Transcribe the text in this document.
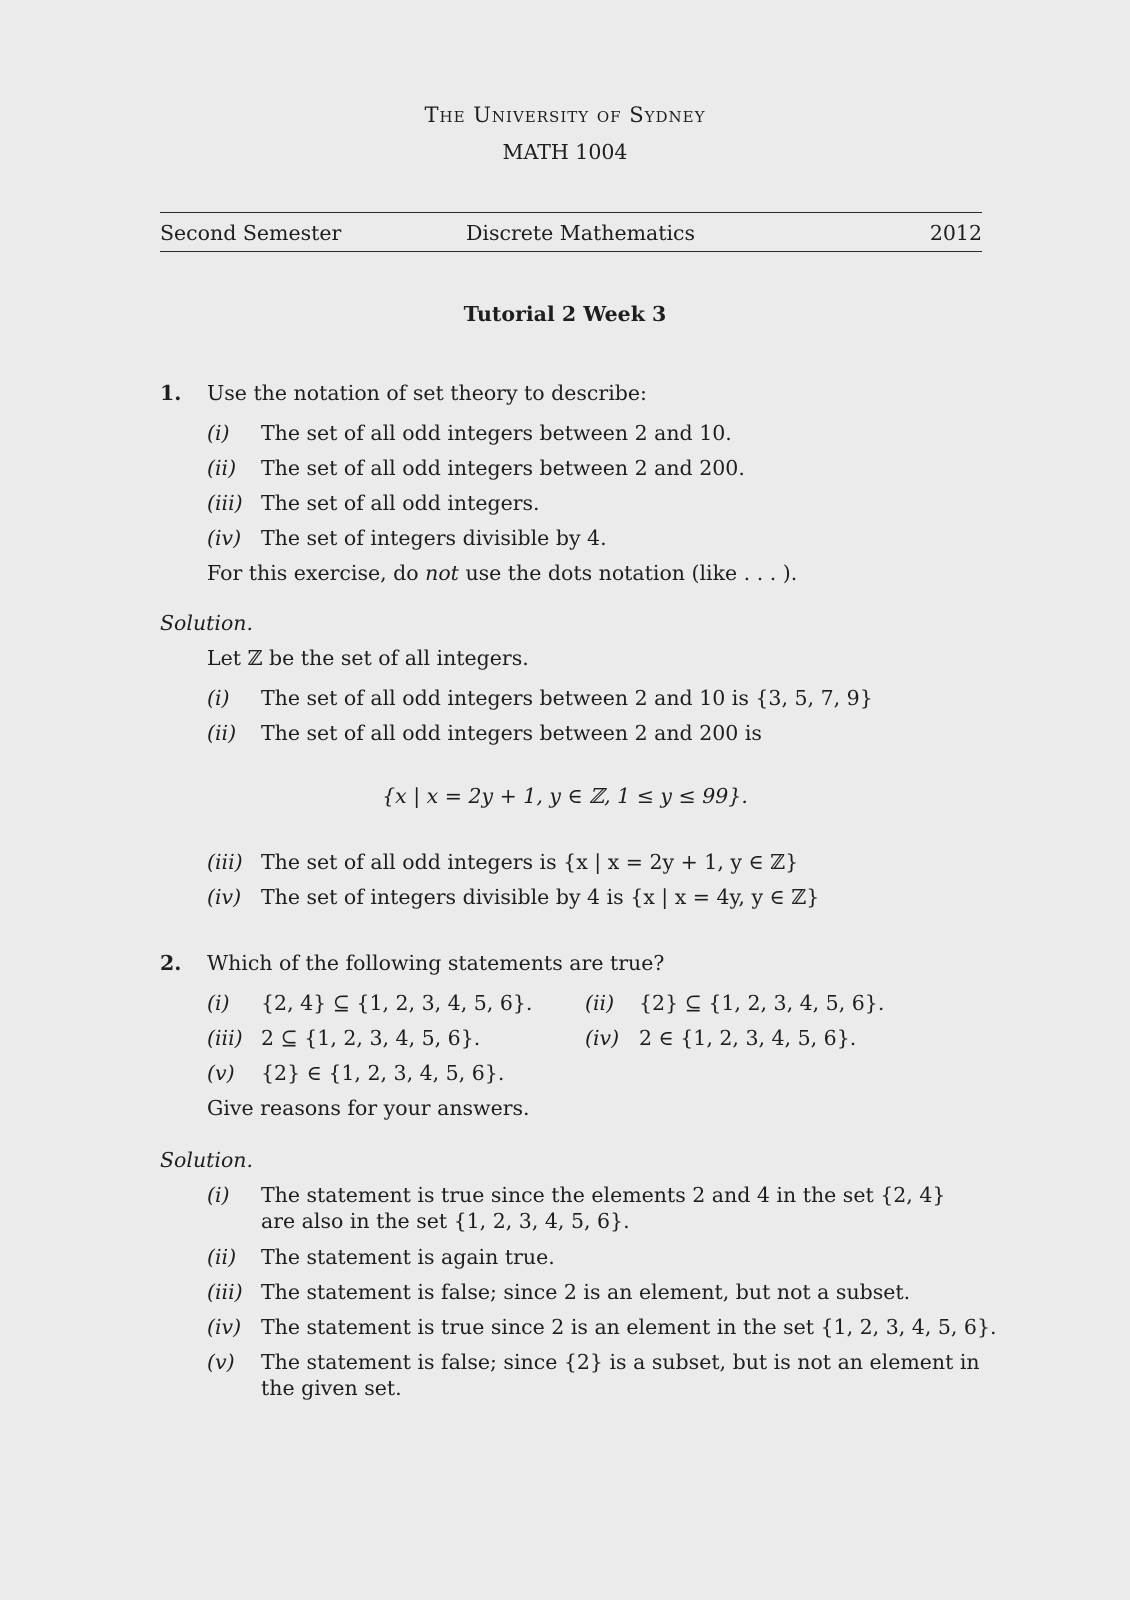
The University of Sydney
MATH 1004
Second Semester	Discrete Mathematics	2012
Tutorial 2 Week 3
1. Use the notation of set theory to describe:
(i)	The set of all odd integers between 2 and 10.
(ii)	The set of all odd integers between 2 and 200.
(iii) The set of all odd integers.
(iv) The set of integers divisible by 4.
For this exercise, do not use the dots notation (like . . . ).
Solution.
Let ℤ be the set of all integers.
(i)	The set of all odd integers between 2 and 10 is {3, 5, 7, 9}
(ii)	The set of all odd integers between 2 and 200 is
{x | x = 2y + 1, y ∈ ℤ, 1 ≤ y ≤ 99}.
(iii) The set of all odd integers is {x | x = 2y + 1, y ∈ ℤ}
(iv) The set of integers divisible by 4 is {x | x = 4y, y ∈ ℤ}
2. Which of the following statements are true?
(i)	{2, 4} ⊆ {1, 2, 3, 4, 5, 6}.	(ii)	{2} ⊆ {1, 2, 3, 4, 5, 6}.
(iii) 2 ⊆ {1, 2, 3, 4, 5, 6}.	(iv) 2 ∈ {1, 2, 3, 4, 5, 6}.
(v)	{2} ∈ {1, 2, 3, 4, 5, 6}.
Give reasons for your answers.
Solution.
(i)	The statement is true since the elements 2 and 4 in the set {2, 4} are also in the set {1, 2, 3, 4, 5, 6}.
(ii)	The statement is again true.
(iii) The statement is false; since 2 is an element, but not a subset.
(iv) The statement is true since 2 is an element in the set {1, 2, 3, 4, 5, 6}.
(v)	The statement is false; since {2} is a subset, but is not an element in the given set.
